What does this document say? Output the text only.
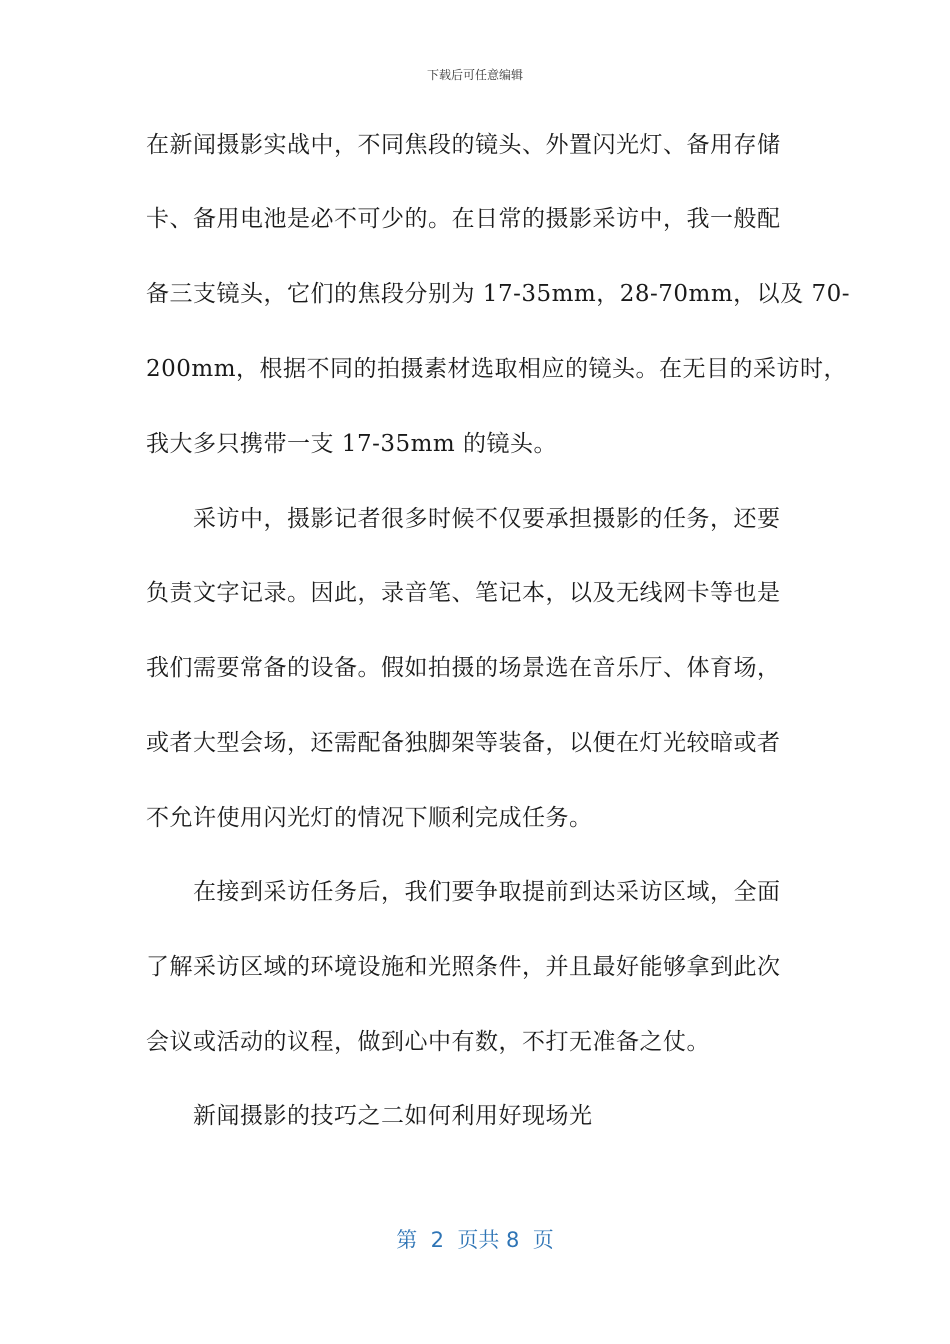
下载后可任意编辑
在新闻摄影实战中，不同焦段的镜头、外置闪光灯、备用存储
卡、备用电池是必不可少的。在日常的摄影采访中，我一般配
备三支镜头，它们的焦段分别为 17-35mm，28-70mm，以及 70-
200mm，根据不同的拍摄素材选取相应的镜头。在无目的采访时，
我大多只携带一支 17-35mm 的镜头。
采访中，摄影记者很多时候不仅要承担摄影的任务，还要
负责文字记录。因此，录音笔、笔记本，以及无线网卡等也是
我们需要常备的设备。假如拍摄的场景选在音乐厅、体育场，
或者大型会场，还需配备独脚架等装备，以便在灯光较暗或者
不允许使用闪光灯的情况下顺利完成任务。
在接到采访任务后，我们要争取提前到达采访区域，全面
了解采访区域的环境设施和光照条件，并且最好能够拿到此次
会议或活动的议程，做到心中有数，不打无准备之仗。
新闻摄影的技巧之二如何利用好现场光
第 2 页共 8 页
